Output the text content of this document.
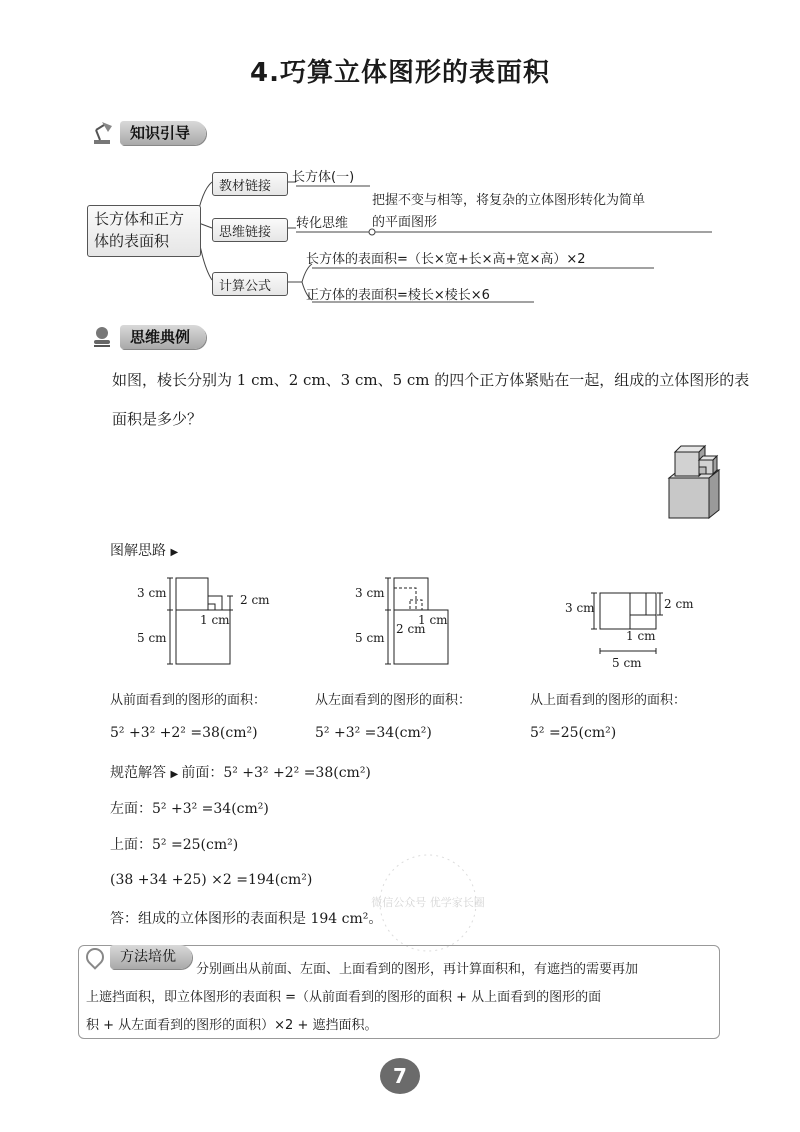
4.巧算立体图形的表面积
知识引导
长方体和正方
体的表面积
教材链接
长方体(一)
思维链接
转化思维
把握不变与相等，将复杂的立体图形转化为简单
的平面图形
计算公式
长方体的表面积=（长×宽+长×高+宽×高）×2
正方体的表面积=棱长×棱长×6
思维典例
如图，棱长分别为 1 cm、2 cm、3 cm、5 cm 的四个正方体紧贴在一起，组成的立体图形的表
面积是多少？
图解思路 ▶
3 cm
5 cm
2 cm
1 cm
3 cm
5 cm
2 cm
1 cm
3 cm	2 cm
1 cm
5 cm
从前面看到的图形的面积：	从左面看到的图形的面积：	从上面看到的图形的面积：
5² +3² +2² =38(cm²)	5² +3² =34(cm²)	5² =25(cm²)
规范解答 ▶ 前面：5² +3² +2² =38(cm²)
左面：5² +3² =34(cm²)
上面：5² =25(cm²)
(38 +34 +25) ×2 =194(cm²)
答：组成的立体图形的表面积是 194 cm²。
微信公众号 优学家长圈
方法培优
分别画出从前面、左面、上面看到的图形，再计算面积和，有遮挡的需要再加
上遮挡面积，即立体图形的表面积 =（从前面看到的图形的面积 + 从上面看到的图形的面
积 + 从左面看到的图形的面积）×2 + 遮挡面积。
7
